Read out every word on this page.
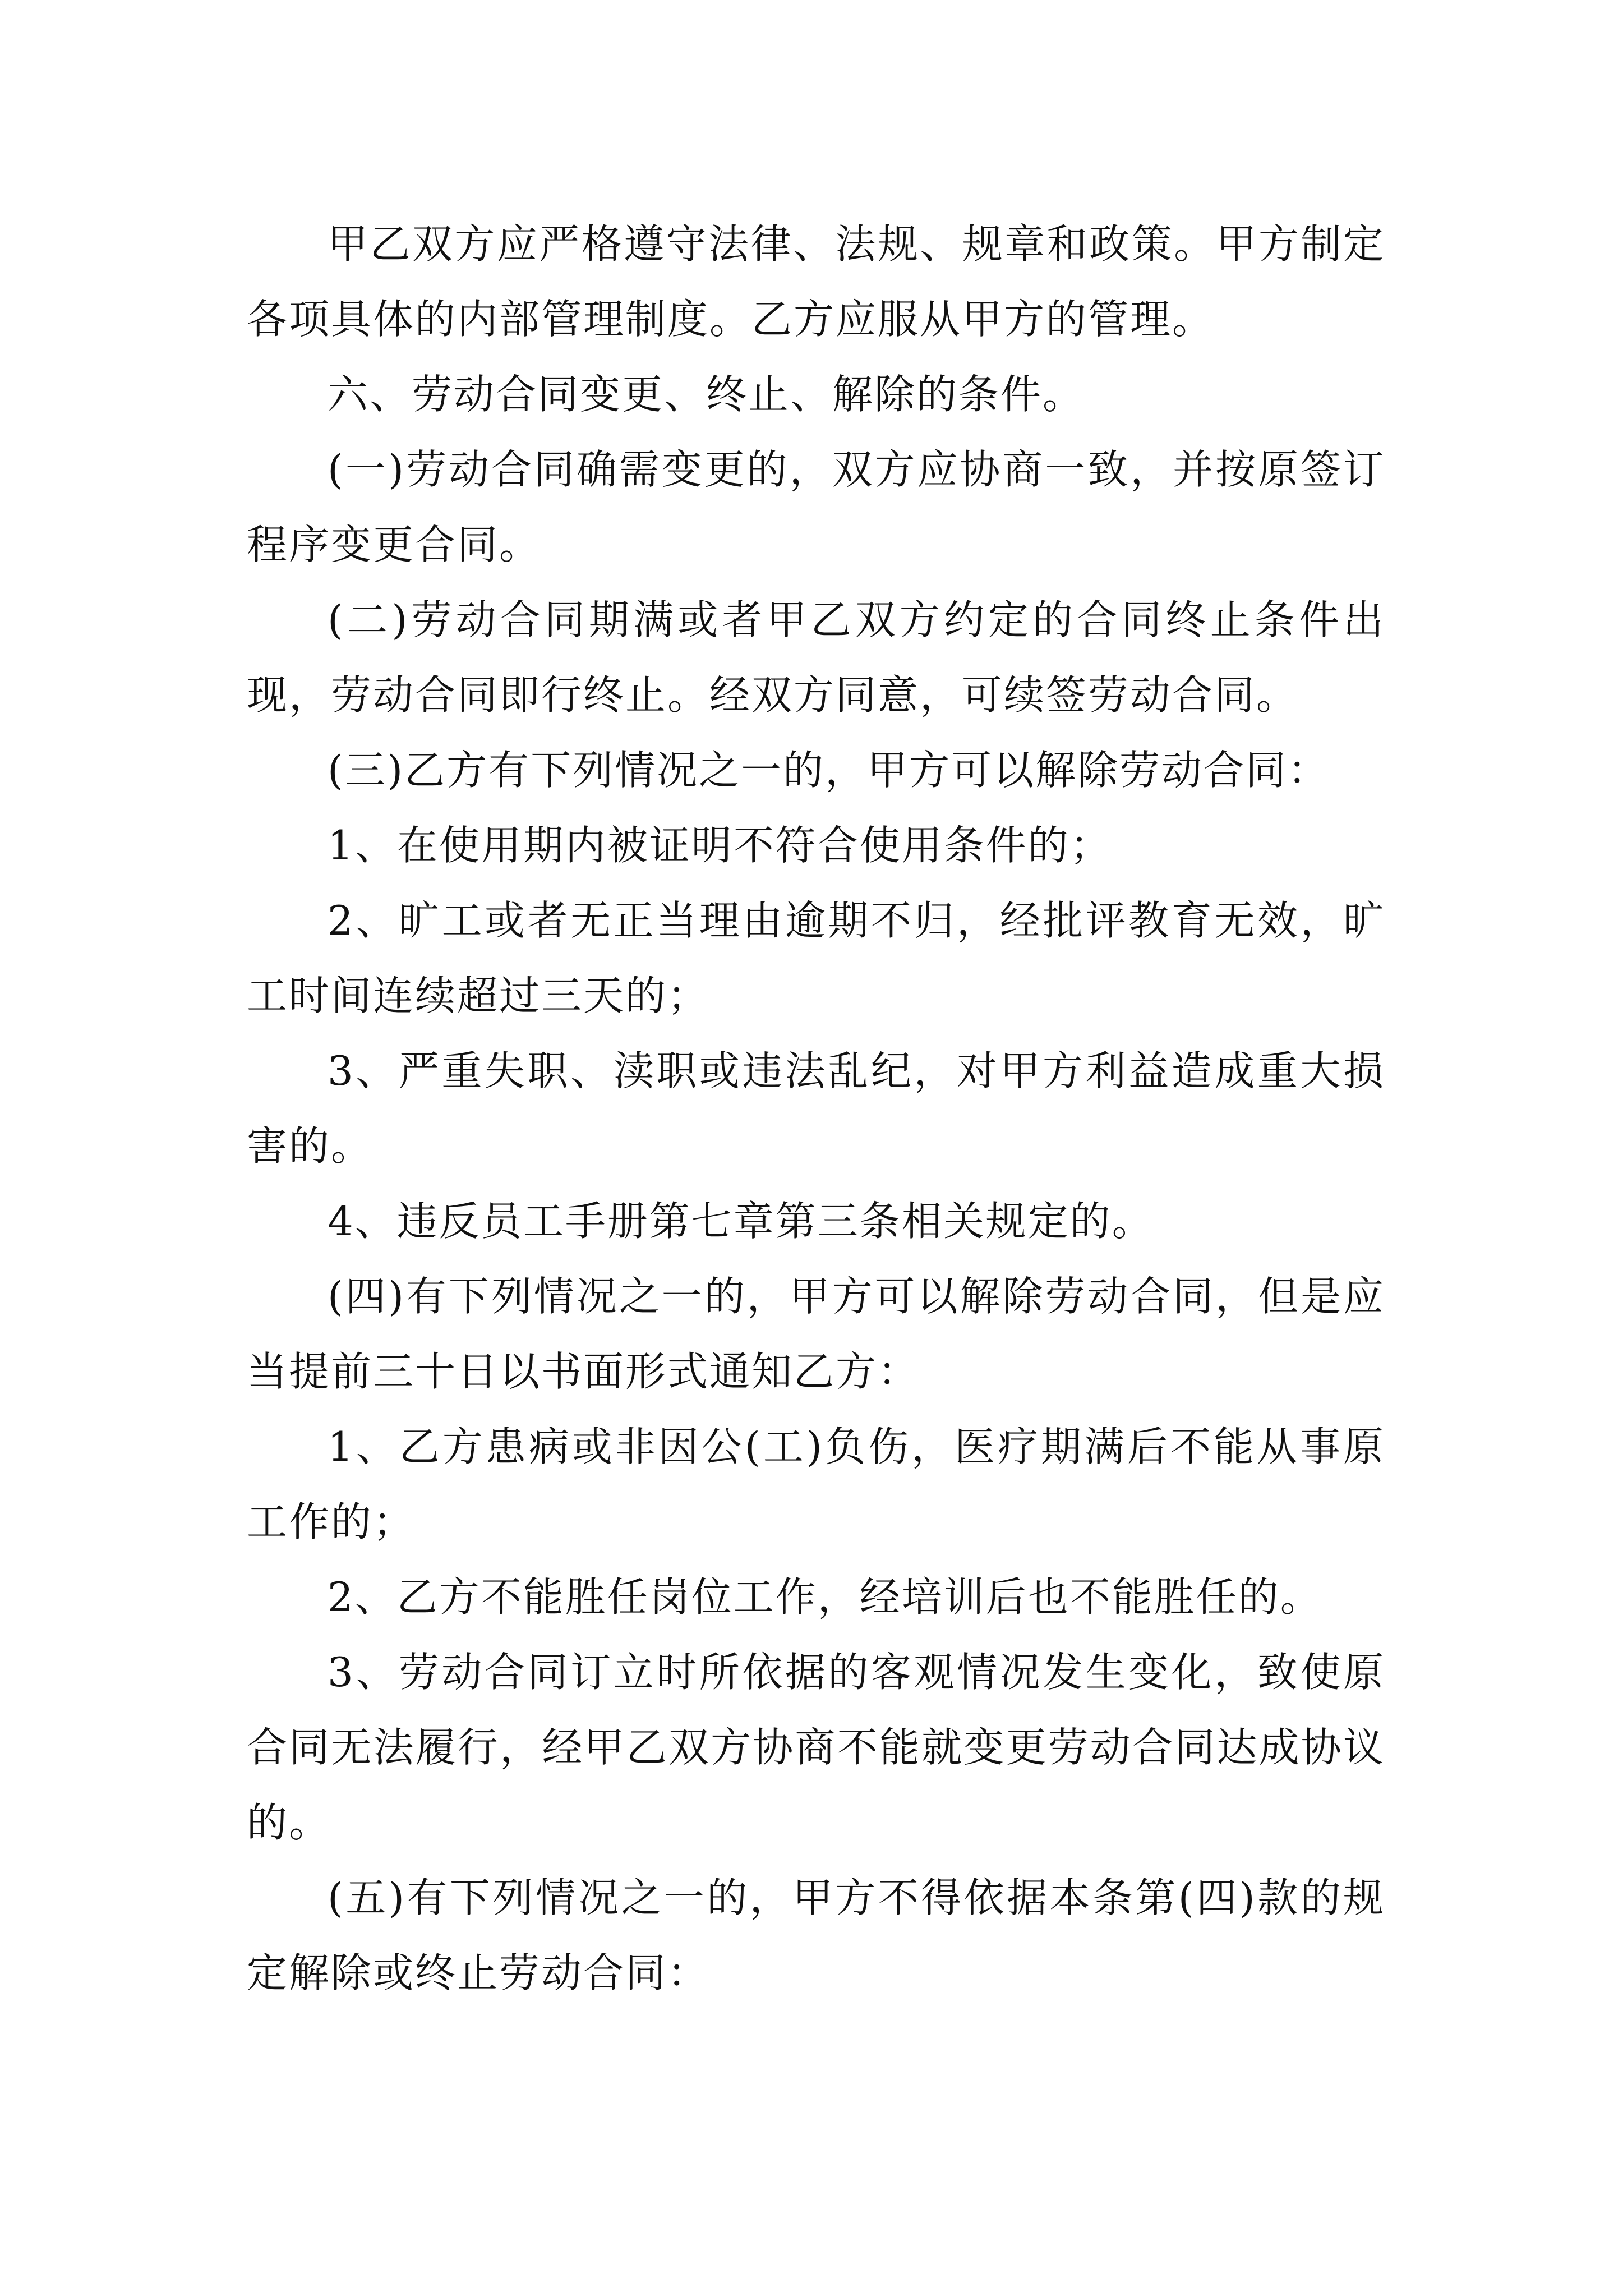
甲乙双方应严格遵守法律、法规、规章和政策。甲方制定各项具体的内部管理制度。乙方应服从甲方的管理。

六、劳动合同变更、终止、解除的条件。

(一)劳动合同确需变更的，双方应协商一致，并按原签订程序变更合同。

(二)劳动合同期满或者甲乙双方约定的合同终止条件出现，劳动合同即行终止。经双方同意，可续签劳动合同。

(三)乙方有下列情况之一的，甲方可以解除劳动合同：

1、在使用期内被证明不符合使用条件的；

2、旷工或者无正当理由逾期不归，经批评教育无效，旷工时间连续超过三天的；

3、严重失职、渎职或违法乱纪，对甲方利益造成重大损害的。

4、违反员工手册第七章第三条相关规定的。

(四)有下列情况之一的，甲方可以解除劳动合同，但是应当提前三十日以书面形式通知乙方：

1、乙方患病或非因公(工)负伤，医疗期满后不能从事原工作的；

2、乙方不能胜任岗位工作，经培训后也不能胜任的。

3、劳动合同订立时所依据的客观情况发生变化，致使原合同无法履行，经甲乙双方协商不能就变更劳动合同达成协议的。

(五)有下列情况之一的，甲方不得依据本条第(四)款的规定解除或终止劳动合同：
